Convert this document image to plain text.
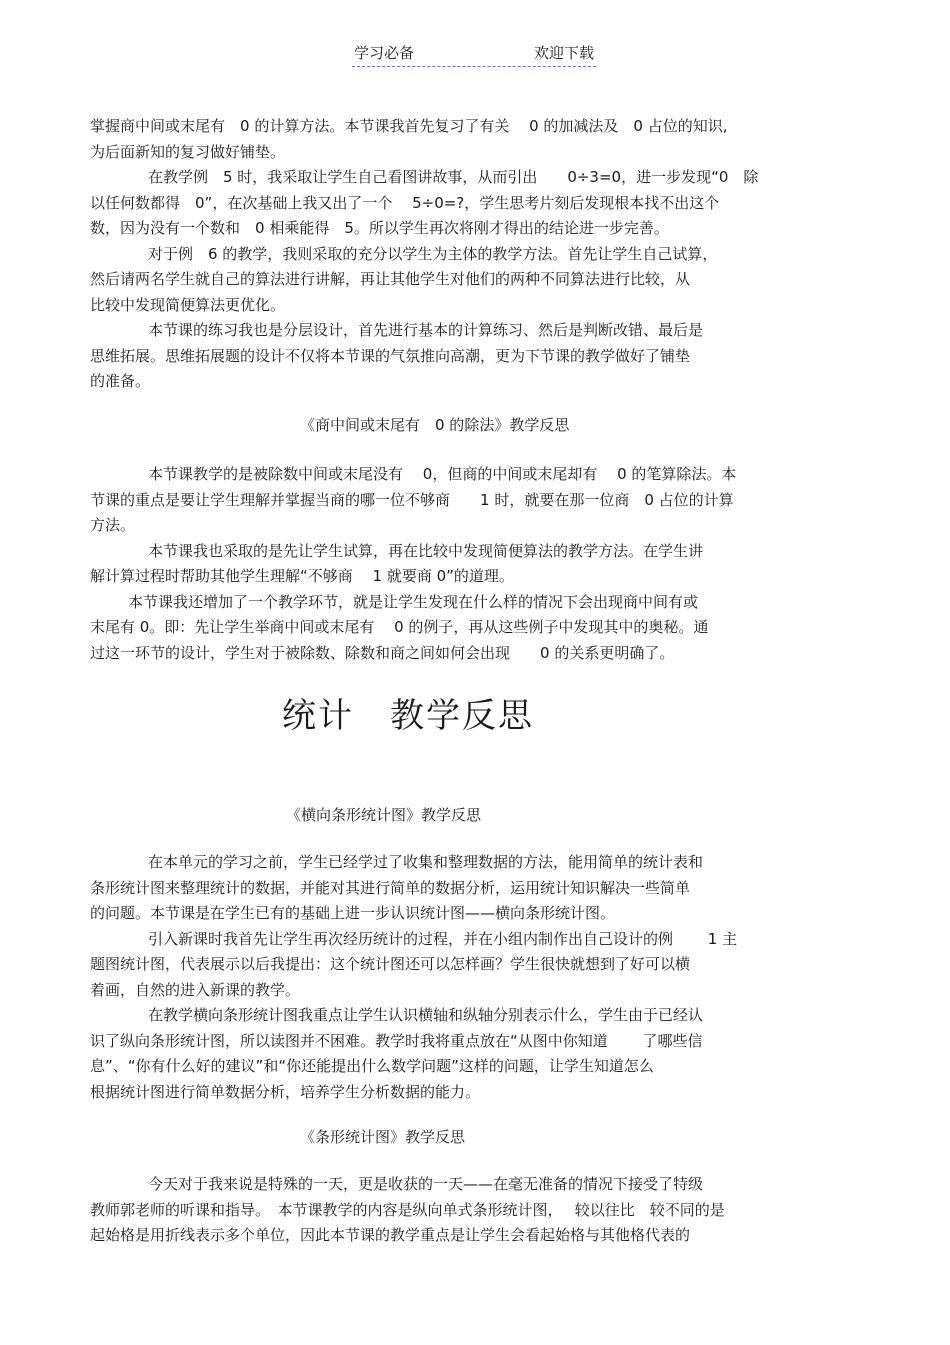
学习必备	欢迎下载
掌握商中间或末尾有　0 的计算方法。本节课我首先复习了有关　 0 的加减法及　0 占位的知识,
为后面新知的复习做好铺垫。
在教学例　5 时，我采取让学生自己看图讲故事，从而引出　　0÷3=0，进一步发现“0　除
以任何数都得　0”，在次基础上我又出了一个　 5÷0=?，学生思考片刻后发现根本找不出这个
数，因为没有一个数和　0 相乘能得　5。所以学生再次将刚才得出的结论进一步完善。
对于例　6 的教学，我则采取的充分以学生为主体的教学方法。首先让学生自己试算，
然后请两名学生就自己的算法进行讲解，再让其他学生对他们的两种不同算法进行比较，从
比较中发现简便算法更优化。
本节课的练习我也是分层设计，首先进行基本的计算练习、然后是判断改错、最后是
思维拓展。思维拓展题的设计不仅将本节课的气氛推向高潮，更为下节课的教学做好了铺垫
的准备。
《商中间或末尾有　0 的除法》教学反思
本节课教学的是被除数中间或末尾没有　 0，但商的中间或末尾却有　 0 的笔算除法。本
节课的重点是要让学生理解并掌握当商的哪一位不够商　　1 时，就要在那一位商　0 占位的计算
方法。
本节课我也采取的是先让学生试算，再在比较中发现简便算法的教学方法。在学生讲
解计算过程时帮助其他学生理解“不够商　 1 就要商 0”的道理。
本节课我还增加了一个教学环节，就是让学生发现在什么样的情况下会出现商中间有或
末尾有 0。即：先让学生举商中间或末尾有　 0 的例子，再从这些例子中发现其中的奥秘。通
过这一环节的设计，学生对于被除数、除数和商之间如何会出现　　0 的关系更明确了。
统计　教学反思
《横向条形统计图》教学反思
在本单元的学习之前，学生已经学过了收集和整理数据的方法，能用简单的统计表和
条形统计图来整理统计的数据，并能对其进行简单的数据分析，运用统计知识解决一些简单
的问题。本节课是在学生已有的基础上进一步认识统计图——横向条形统计图。
引入新课时我首先让学生再次经历统计的过程，并在小组内制作出自己设计的例　　 1 主
题图统计图，代表展示以后我提出：这个统计图还可以怎样画？学生很快就想到了好可以横
着画，自然的进入新课的教学。
在教学横向条形统计图我重点让学生认识横轴和纵轴分别表示什么，学生由于已经认
识了纵向条形统计图，所以读图并不困难。教学时我将重点放在“从图中你知道　　 了哪些信
息”、“你有什么好的建议”和“你还能提出什么数学问题”这样的问题，让学生知道怎么
根据统计图进行简单数据分析，培养学生分析数据的能力。
《条形统计图》教学反思
今天对于我来说是特殊的一天，更是收获的一天——在毫无准备的情况下接受了特级
教师郭老师的听课和指导。　本节课教学的内容是纵向单式条形统计图，　 较以往比　较不同的是
起始格是用折线表示多个单位，因此本节课的教学重点是让学生会看起始格与其他格代表的
